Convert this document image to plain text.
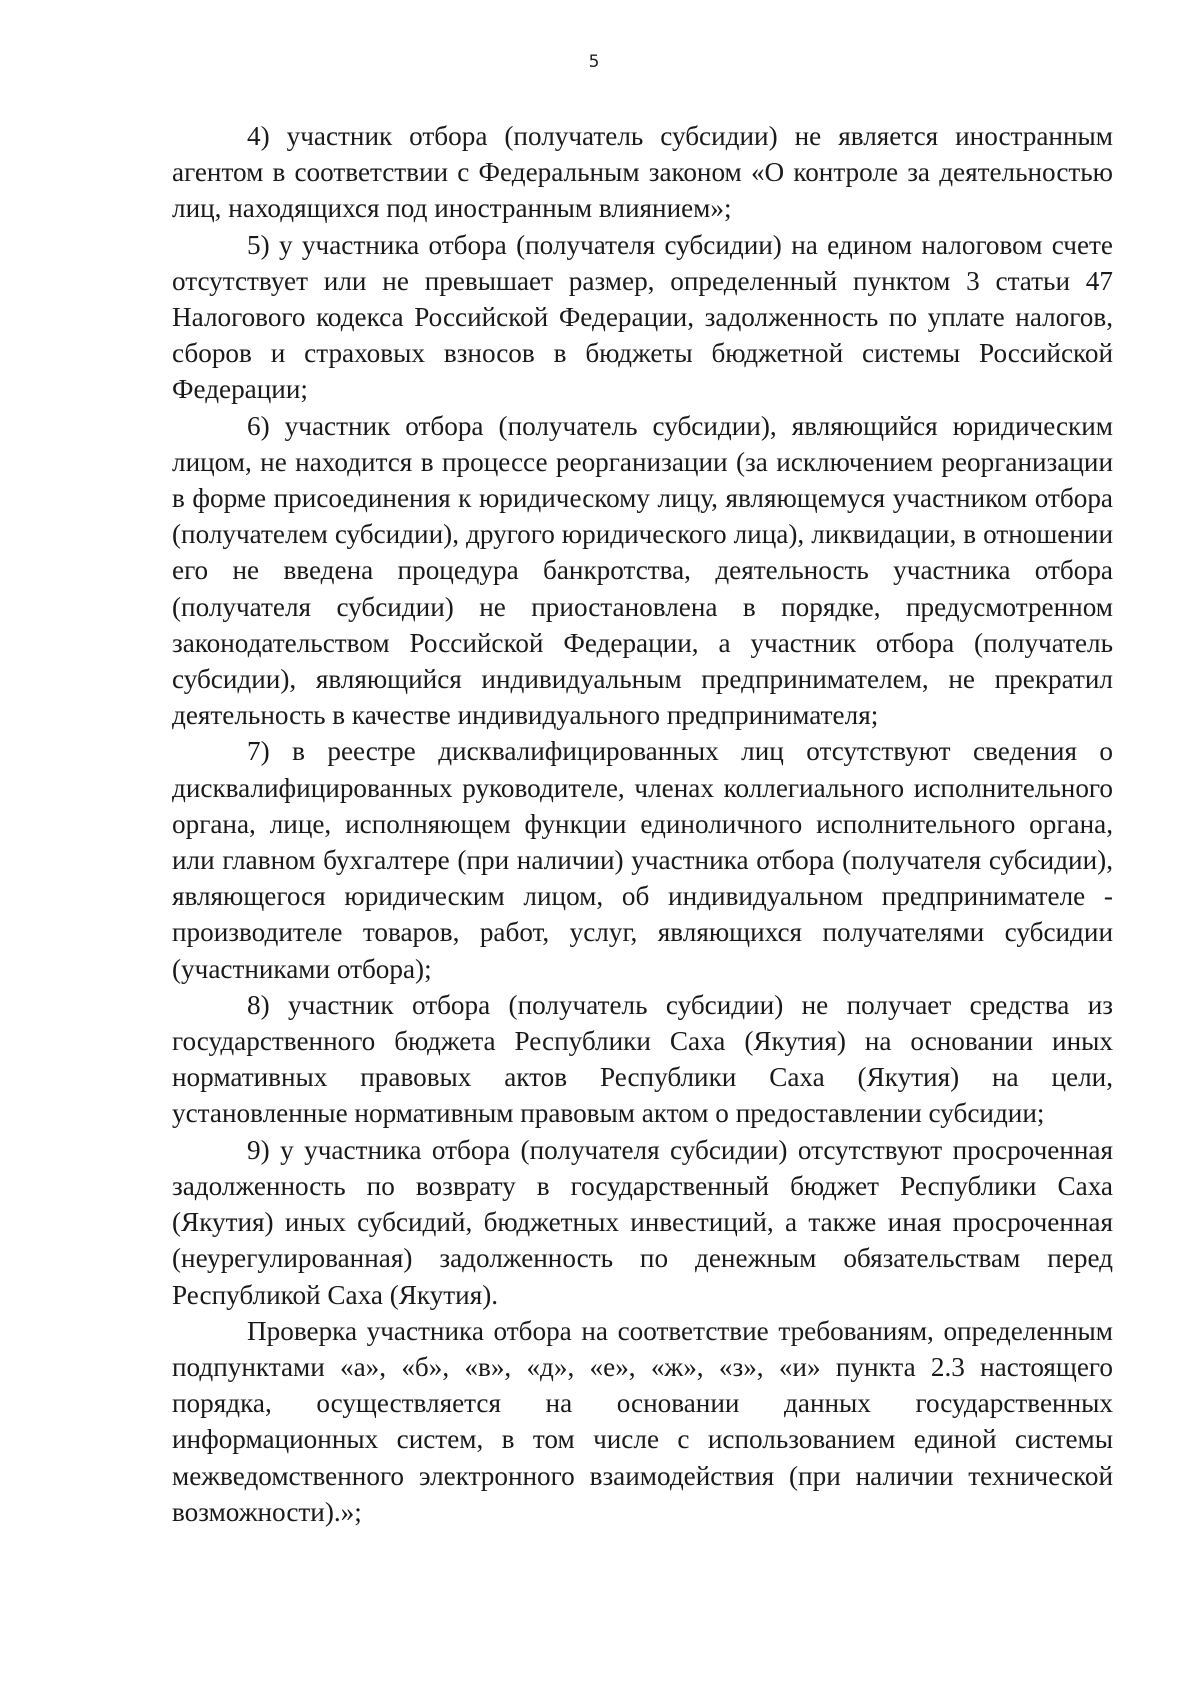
5

4) участник отбора (получатель субсидии) не является иностранным агентом в соответствии с Федеральным законом «О контроле за деятельностью лиц, находящихся под иностранным влиянием»;

5) у участника отбора (получателя субсидии) на едином налоговом счете отсутствует или не превышает размер, определенный пунктом 3 статьи 47 Налогового кодекса Российской Федерации, задолженность по уплате налогов, сборов и страховых взносов в бюджеты бюджетной системы Российской Федерации;

6) участник отбора (получатель субсидии), являющийся юридическим лицом, не находится в процессе реорганизации (за исключением реорганизации в форме присоединения к юридическому лицу, являющемуся участником отбора (получателем субсидии), другого юридического лица), ликвидации, в отношении его не введена процедура банкротства, деятельность участника отбора (получателя субсидии) не приостановлена в порядке, предусмотренном законодательством Российской Федерации, а участник отбора (получатель субсидии), являющийся индивидуальным предпринимателем, не прекратил деятельность в качестве индивидуального предпринимателя;

7) в реестре дисквалифицированных лиц отсутствуют сведения о дисквалифицированных руководителе, членах коллегиального исполнительного органа, лице, исполняющем функции единоличного исполнительного органа, или главном бухгалтере (при наличии) участника отбора (получателя субсидии), являющегося юридическим лицом, об индивидуальном предпринимателе - производителе товаров, работ, услуг, являющихся получателями субсидии (участниками отбора);

8) участник отбора (получатель субсидии) не получает средства из государственного бюджета Республики Саха (Якутия) на основании иных нормативных правовых актов Республики Саха (Якутия) на цели, установленные нормативным правовым актом о предоставлении субсидии;

9) у участника отбора (получателя субсидии) отсутствуют просроченная задолженность по возврату в государственный бюджет Республики Саха (Якутия) иных субсидий, бюджетных инвестиций, а также иная просроченная (неурегулированная) задолженность по денежным обязательствам перед Республикой Саха (Якутия).

Проверка участника отбора на соответствие требованиям, определенным подпунктами «а», «б», «в», «д», «е», «ж», «з», «и» пункта 2.3 настоящего порядка, осуществляется на основании данных государственных информационных систем, в том числе с использованием единой системы межведомственного электронного взаимодействия (при наличии технической возможности).»;
